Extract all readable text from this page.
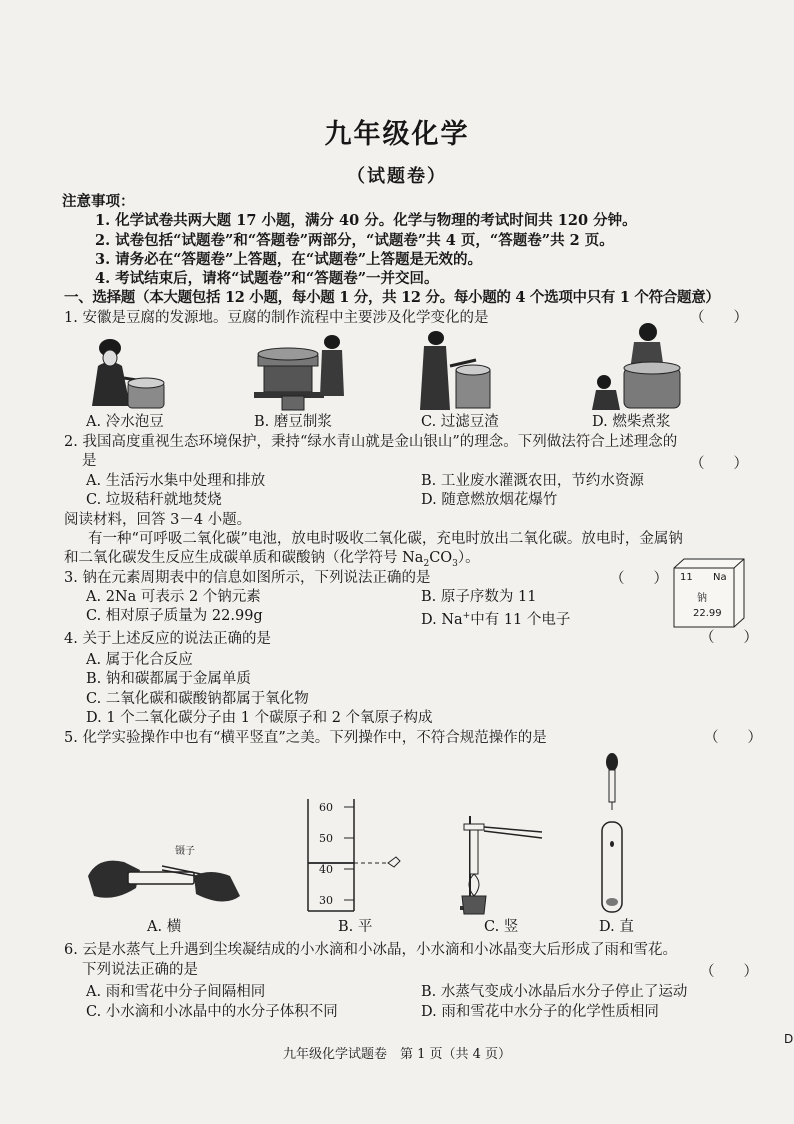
九年级化学
（试题卷）
注意事项：
1. 化学试卷共两大题 17 小题，满分 40 分。化学与物理的考试时间共 120 分钟。
2. 试卷包括“试题卷”和“答题卷”两部分，“试题卷”共 4 页，“答题卷”共 2 页。
3. 请务必在“答题卷”上答题，在“试题卷”上答题是无效的。
4. 考试结束后，请将“试题卷”和“答题卷”一并交回。
一、选择题（本大题包括 12 小题，每小题 1 分，共 12 分。每小题的 4 个选项中只有 1 个符合题意）
1. 安徽是豆腐的发源地。豆腐的制作流程中主要涉及化学变化的是	（　　）
A. 冷水泡豆	B. 磨豆制浆	C. 过滤豆渣	D. 燃柴煮浆
2. 我国高度重视生态环境保护，秉持“绿水青山就是金山银山”的理念。下列做法符合上述理念的
是	（　　）
A. 生活污水集中处理和排放	B. 工业废水灌溉农田，节约水资源
C. 垃圾秸秆就地焚烧	D. 随意燃放烟花爆竹
阅读材料，回答 3－4 小题。
有一种“可呼吸二氧化碳”电池，放电时吸收二氧化碳，充电时放出二氧化碳。放电时，金属钠
和二氧化碳发生反应生成碳单质和碳酸钠（化学符号 $Na_2CO_3$）。
3. 钠在元素周期表中的信息如图所示，下列说法正确的是	（　　）
A. 2Na 可表示 2 个钠元素	B. 原子序数为 11
C. 相对原子质量为 22.99g	D. Na+中有 11 个电子
11 Na
钠
22.99
4. 关于上述反应的说法正确的是	（　　）
A. 属于化合反应
B. 钠和碳都属于金属单质
C. 二氧化碳和碳酸钠都属于氧化物
D. 1 个二氧化碳分子由 1 个碳原子和 2 个氧原子构成
5. 化学实验操作中也有“横平竖直”之美。下列操作中，不符合规范操作的是	（　　）
镊子
60
50
40
30
A. 横	B. 平	C. 竖	D. 直
6. 云是水蒸气上升遇到尘埃凝结成的小水滴和小冰晶，小水滴和小冰晶变大后形成了雨和雪花。
下列说法正确的是	（　　）
A. 雨和雪花中分子间隔相同	B. 水蒸气变成小冰晶后水分子停止了运动
C. 小水滴和小冰晶中的水分子体积不同	D. 雨和雪花中水分子的化学性质相同
九年级化学试题卷　第 1 页（共 4 页）
D
